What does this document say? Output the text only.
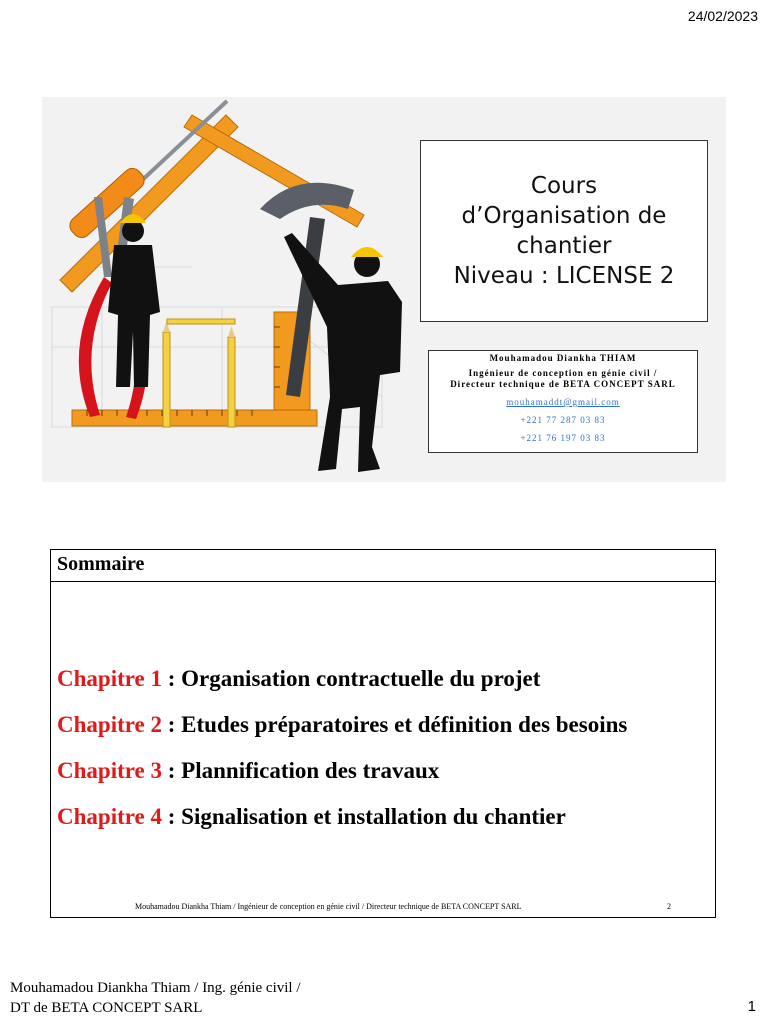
24/02/2023
Cours
d’Organisation de
chantier
Niveau : LICENSE 2
Mouhamadou Diankha THIAM
Ingénieur de conception en génie civil /
Directeur technique de BETA CONCEPT SARL
mouhamaddt@gmail.com
+221 77 287 03 83
+221 76 197 03 83
Sommaire
Chapitre 1 : Organisation contractuelle du projet
Chapitre 2 : Etudes préparatoires et définition des besoins
Chapitre 3 : Plannification des travaux
Chapitre 4 : Signalisation et installation du chantier
Mouhamadou Diankha Thiam / Ingénieur de conception en génie civil / Directeur technique de BETA CONCEPT SARL	2
Mouhamadou Diankha Thiam / Ing. génie civil / DT de BETA CONCEPT SARL	1
